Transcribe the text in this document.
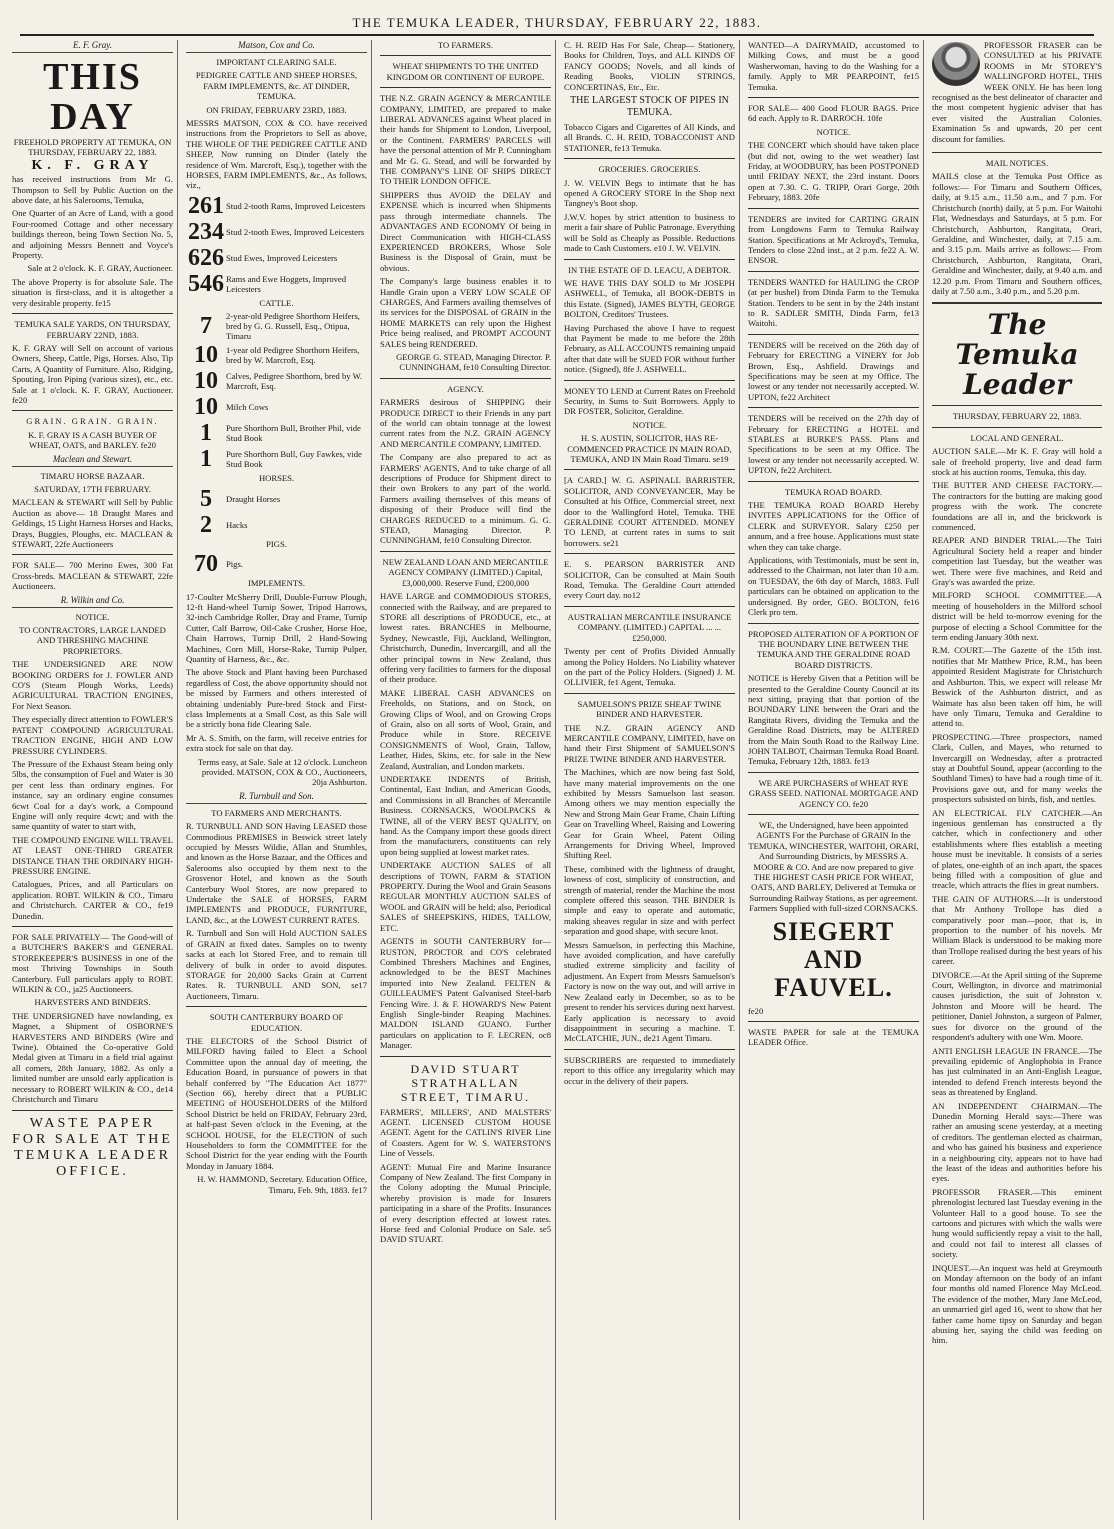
THE TEMUKA LEADER, THURSDAY, FEBRUARY 22, 1883.
E. F. Gray.
THIS DAY

FREEHOLD PROPERTY AT TEMUKA, ON THURSDAY, FEBRUARY 22, 1883.

K. F. GRAY

has received instructions from Mr G. Thompson to Sell by Public Auction on the above date, at his Salerooms, Temuka,

One Quarter of an Acre of Land, with a good Four-roomed Cottage and other necessary buildings thereon, being Town Section No. 5, and adjoining Messrs Bennett and Voyce's Property.

Sale at 2 o'clock. K. F. GRAY, Auctioneer.

The above Property is for absolute Sale. The situation is first-class, and it is altogether a very desirable property. fe15

TEMUKA SALE YARDS, ON THURSDAY, FEBRUARY 22ND, 1883.

K. F. GRAY will Sell on account of various Owners, Sheep, Cattle, Pigs, Horses. Also, Tip Carts, A Quantity of Furniture. Also, Ridging, Spouting, Iron Piping (various sizes), etc., etc. Sale at 1 o'clock. K. F. GRAY, Auctioneer. fe20

GRAIN. GRAIN. GRAIN.

K. F. GRAY IS A CASH BUYER OF WHEAT, OATS, and BARLEY. fe20

Maclean and Stewart.

TIMARU HORSE BAZAAR.

SATURDAY, 17TH FEBRUARY.

MACLEAN & STEWART will Sell by Public Auction as above— 18 Draught Mares and Geldings, 15 Light Harness Horses and Hacks, Drays, Buggies, Ploughs, etc. MACLEAN & STEWART, 22fe Auctioneers

FOR SALE— 700 Merino Ewes, 300 Fat Cross-breds. MACLEAN & STEWART, 22fe Auctioneers.

R. Wilkin and Co.

NOTICE.

TO CONTRACTORS, LARGE LANDED AND THRESHING MACHINE PROPRIETORS.

THE UNDERSIGNED ARE NOW BOOKING ORDERS for J. FOWLER AND CO'S (Steam Plough Works, Leeds) AGRICULTURAL TRACTION ENGINES, For Next Season.

They especially direct attention to FOWLER'S PATENT COMPOUND AGRICULTURAL TRACTION ENGINE, HIGH AND LOW PRESSURE CYLINDERS.

The Pressure of the Exhaust Steam being only 5lbs, the consumption of Fuel and Water is 30 per cent less than ordinary engines. For instance, say an ordinary engine consumes 6cwt Coal for a day's work, a Compound Engine will only require 4cwt; and with the same quantity of water to start with,

THE COMPOUND ENGINE WILL TRAVEL AT LEAST ONE-THIRD GREATER DISTANCE THAN THE ORDINARY HIGH-PRESSURE ENGINE.

Catalogues, Prices, and all Particulars on application. ROBT. WILKIN & CO., Timaru and Christchurch. CARTER & CO., fe19 Dunedin.

FOR SALE PRIVATELY— The Good-will of a BUTCHER'S BAKER'S and GENERAL STOREKEEPER'S BUSINESS in one of the most Thriving Townships in South Canterbury. Full particulars apply to ROBT. WILKIN & CO., ja25 Auctioneers.

HARVESTERS AND BINDERS.

THE UNDERSIGNED have nowlanding, ex Magnet, a Shipment of OSBORNE'S HARVESTERS AND BINDERS (Wire and Twine). Obtained the Co-operative Gold Medal given at Timaru in a field trial against all comers, 28th January, 1882. As only a limited number are unsold early application is necessary to ROBERT WILKIN & CO., de14 Christchurch and Timaru

WASTE PAPER FOR SALE AT THE TEMUKA LEADER OFFICE.

Matson, Cox and Co.

IMPORTANT CLEARING SALE.

PEDIGREE CATTLE AND SHEEP HORSES, FARM IMPLEMENTS, &c. AT DINDER, TEMUKA.

ON FRIDAY, FEBRUARY 23RD, 1883.

MESSRS MATSON, COX & CO. have received instructions from the Proprietors to Sell as above, THE WHOLE OF THE PEDIGREE CATTLE AND SHEEP, Now running on Dinder (lately the residence of Wm. Marcroft, Esq.), together with the HORSES, FARM IMPLEMENTS, &c., As follows, viz.,

261 Stud 2-tooth Rams, Improved Leicesters
234 Stud 2-tooth Ewes, Improved Leicesters
626 Stud Ewes, Improved Leicesters
546 Rams and Ewe Hoggets, Improved Leicesters

CATTLE.

7	2-year-old Pedigree Shorthorn Heifers, bred by G. G. Russell, Esq., Otipua, Timaru
10 1-year old Pedigree Shorthorn Heifers, bred by W. Marcroft, Esq.
10 Calves, Pedigree Shorthorn, bred by W. Marcroft, Esq.
10 Milch Cows
1	Pure Shorthorn Bull, Brother Phil, vide Stud Book
1	Pure Shorthorn Bull, Guy Fawkes, vide Stud Book

HORSES.

5	Draught Horses
2	Hacks

PIGS.

70 Pigs.

IMPLEMENTS.

17-Coulter McSherry Drill, Double-Furrow Plough, 12-ft Hand-wheel Turnip Sower, Tripod Harrows, 32-inch Cambridge Roller, Dray and Frame, Turnip Cutter, Calf Barrow, Oil-Cake Crusher, Horse Hoe, Chain Harrows, Turnip Drill, 2 Hand-Sowing Machines, Corn Mill, Horse-Rake, Turnip Pulper, Quantity of Harness, &c., &c.

The above Stock and Plant having been Purchased regardless of Cost, the above opportunity should not be missed by Farmers and others interested of obtaining undeniably Pure-bred Stock and First-class Implements at a Small Cost, as this Sale will be a strictly bona fide Clearing Sale.

Mr A. S. Smith, on the farm, will receive entries for extra stock for sale on that day.

Terms easy, at Sale. Sale at 12 o'clock. Luncheon provided. MATSON, COX & CO., Auctioneers, 20ja Ashburton.

R. Turnbull and Son.

TO FARMERS AND MERCHANTS.

R. TURNBULL AND SON Having LEASED those Commodious PREMISES in Beswick street lately occupied by Messrs Wildie, Allan and Stumbles, and known as the Horse Bazaar, and the Offices and Salerooms also occupied by them next to the Grosvenor Hotel, and known as the South Canterbury Wool Stores, are now prepared to Undertake the SALE of HORSES, FARM IMPLEMENTS and PRODUCE, FURNITURE, LAND, &c., at the LOWEST CURRENT RATES.

R. Turnbull and Son will Hold AUCTION SALES of GRAIN at fixed dates. Samples on to twenty sacks at each lot Stored Free, and to remain till delivery of bulk in order to avoid disputes. STORAGE for 20,000 Sacks Grain at Current Rates. R. TURNBULL AND SON, se17 Auctioneers, Timaru.

SOUTH CANTERBURY BOARD OF EDUCATION.

THE ELECTORS of the School District of MILFORD having failed to Elect a School Committee upon the annual day of meeting, the Education Board, in pursuance of powers in that behalf conferred by "The Education Act 1877" (Section 66), hereby direct that a PUBLIC MEETING of HOUSEHOLDERS of the Milford School District be held on FRIDAY, February 23rd, at half-past Seven o'clock in the Evening, at the SCHOOL HOUSE, for the ELECTION of such Householders to form the COMMITTEE for the School District for the year ending with the Fourth Monday in January 1884.

H. W. HAMMOND, Secretary. Education Office, Timaru, Feb. 9th, 1883. fe17

TO FARMERS.

WHEAT SHIPMENTS TO THE UNITED KINGDOM OR CONTINENT OF EUROPE.

THE N.Z. GRAIN AGENCY & MERCANTILE COMPANY, LIMITED, are prepared to make LIBERAL ADVANCES against Wheat placed in their hands for Shipment to London, Liverpool, or the Continent. FARMERS' PARCELS will have the personal attention of Mr P. Cunningham and Mr G. G. Stead, and will be forwarded by THE COMPANY'S LINE OF SHIPS DIRECT TO THEIR LONDON OFFICE.

SHIPPERS thus AVOID the DELAY and EXPENSE which is incurred when Shipments pass through intermediate channels. The ADVANTAGES AND ECONOMY Of being in Direct Communication with HIGH-CLASS EXPERIENCED BROKERS, Whose Sole Business is the Disposal of Grain, must be obvious.

The Company's large business enables it to Handle Grain upon a VERY LOW SCALE OF CHARGES, And Farmers availing themselves of its services for the DISPOSAL of GRAIN in the HOME MARKETS can rely upon the Highest Price being realised, and PROMPT ACCOUNT SALES being RENDERED.

GEORGE G. STEAD, Managing Director. P. CUNNINGHAM, fe10 Consulting Director.

AGENCY.

FARMERS desirous of SHIPPING their PRODUCE DIRECT to their Friends in any part of the world can obtain tonnage at the lowest current rates from the N.Z. GRAIN AGENCY AND MERCANTILE COMPANY, LIMITED.

The Company are also prepared to act as FARMERS' AGENTS, And to take charge of all descriptions of Produce for Shipment direct to their own Brokers to any part of the world. Farmers availing themselves of this means of disposing of their Produce will find the CHARGES REDUCED to a minimum. G. G. STEAD, Managing Director. P. CUNNINGHAM, fe10 Consulting Director.

NEW ZEALAND LOAN AND MERCANTILE AGENCY COMPANY (LIMITED.) Capital, £3,000,000. Reserve Fund, £200,000

HAVE LARGE and COMMODIOUS STORES, connected with the Railway, and are prepared to STORE all descriptions of PRODUCE, etc., at lowest rates. BRANCHES in Melbourne, Sydney, Newcastle, Fiji, Auckland, Wellington, Christchurch, Dunedin, Invercargill, and all the other principal towns in New Zealand, thus offering very facilities to farmers for the disposal of their produce.

MAKE LIBERAL CASH ADVANCES on Freeholds, on Stations, and on Stock, on Growing Clips of Wool, and on Growing Crops of Grain, also on all sorts of Wool, Grain, and Produce while in Store. RECEIVE CONSIGNMENTS of Wool, Grain, Tallow, Leather, Hides, Skins, etc. for sale in the New Zealand, Australian, and London markets.

UNDERTAKE INDENTS of British, Continental, East Indian, and American Goods, and Commissions in all Branches of Mercantile Business. CORNSACKS, WOOLPACKS & TWINE, all of the VERY BEST QUALITY, on hand. As the Company import these goods direct from the manufacturers, constituents can rely upon being supplied at lowest market rates.

UNDERTAKE AUCTION SALES of all descriptions of TOWN, FARM & STATION PROPERTY. During the Wool and Grain Seasons REGULAR MONTHLY AUCTION SALES of WOOL and GRAIN will be held; also, Periodical SALES of SHEEPSKINS, HIDES, TALLOW, ETC.

AGENTS in SOUTH CANTERBURY for— RUSTON, PROCTOR and CO'S celebrated Combined Threshers Machines and Engines, acknowledged to be the BEST Machines imported into New Zealand. FELTEN & GUILLEAUME'S Patent Galvanised Steel-barb Fencing Wire. J. & F. HOWARD'S New Patent English Single-binder Reaping Machines. MALDON ISLAND GUANO. Further particulars on application to F. LECREN, oc8 Manager.

DAVID STUART STRATHALLAN STREET, TIMARU.

FARMERS', MILLERS', AND MALSTERS' AGENT. LICENSED CUSTOM HOUSE AGENT. Agent for the CATLIN'S RIVER Line of Coasters. Agent for W. S. WATERSTON'S Line of Vessels.

AGENT: Mutual Fire and Marine Insurance Company of New Zealand. The first Company in the Colony adopting the Mutual Principle, whereby provision is made for Insurers participating in a share of the Profits. Insurances of every description effected at lowest rates. Horse feed and Colonial Produce on Sale. se5 DAVID STUART.

C. H. REID Has For Sale, Cheap— Stationery, Books for Children, Toys, and ALL KINDS OF FANCY GOODS; Novels, and all kinds of Reading Books, VIOLIN STRINGS, CONCERTINAS, Etc., Etc.

THE LARGEST STOCK OF PIPES IN TEMUKA.

Tobacco Cigars and Cigarettes of All Kinds, and all Brands. C. H. REID, TOBACCONIST AND STATIONER, fe13 Temuka.

GROCERIES. GROCERIES.

J. W. VELVIN Begs to intimate that he has opened A GROCERY STORE In the Shop next Tangney's Boot shop.

J.W.V. hopes by strict attention to business to merit a fair share of Public Patronage. Everything will be Sold as Cheaply as Possible. Reductions made to Cash Customers. e10 J. W. VELVIN.

IN THE ESTATE OF D. LEACU, A DEBTOR.

WE HAVE THIS DAY SOLD to Mr JOSEPH ASHWELL, of Temuka, all BOOK-DEBTS in this Estate. (Signed), JAMES BLYTH, GEORGE BOLTON, Creditors' Trustees.

Having Purchased the above I have to request that Payment be made to me before the 28th February, as ALL ACCOUNTS remaining unpaid after that date will be SUED FOR without further notice. (Signed), 8fe J. ASHWELL.

MONEY TO LEND at Current Rates on Freehold Security, in Sums to Suit Borrowers. Apply to DR FOSTER, Solicitor, Geraldine.

NOTICE.

H. S. AUSTIN, SOLICITOR, HAS RE-COMMENCED PRACTICE IN MAIN ROAD, TEMUKA, AND IN Main Road Timaru. se19

[A CARD.] W. G. ASPINALL BARRISTER, SOLICITOR, AND CONVEYANCER, May be Consulted at his Office, Commercial street, next door to the Wallingford Hotel, Temuka. THE GERALDINE COURT ATTENDED. MONEY TO LEND, at current rates in sums to suit borrowers. se21

E. S. PEARSON BARRISTER AND SOLICITOR, Can be consulted at Main South Road, Temuka. The Geraldine Court attended every Court day. no12

AUSTRALIAN MERCANTILE INSURANCE COMPANY. (LIMITED.) CAPITAL ... ... £250,000.

Twenty per cent of Profits Divided Annually among the Policy Holders. No Liability whatever on the part of the Policy Holders. (Signed) J. M. OLLIVIER, fe1 Agent, Temuka.

SAMUELSON'S PRIZE SHEAF TWINE BINDER AND HARVESTER.

THE N.Z. GRAIN AGENCY AND MERCANTILE COMPANY, LIMITED, have on hand their First Shipment of SAMUELSON'S PRIZE TWINE BINDER AND HARVESTER.

The Machines, which are now being fast Sold, have many material improvements on the one exhibited by Messrs Samuelson last season. Among others we may mention especially the New and Strong Main Gear Frame, Chain Lifting Gear on Travelling Wheel, Raising and Lowering Gear for Grain Wheel, Patent Oiling Arrangements for Driving Wheel, Improved Shifting Reel.

These, combined with the lightness of draught, lowness of cost, simplicity of construction, and strength of material, render the Machine the most complete offered this season. THE BINDER Is simple and easy to operate and automatic, making sheaves regular in size and with perfect separation and good shape, with secure knot.

Messrs Samuelson, in perfecting this Machine, have avoided complication, and have carefully studied extreme simplicity and facility of adjustment. An Expert from Messrs Samuelson's Factory is now on the way out, and will arrive in New Zealand early in December, so as to be present to render his services during next harvest. Early application is necessary to avoid disappointment in securing a machine. T. McCLATCHIE, JUN., de21 Agent Timaru.

SUBSCRIBERS are requested to immediately report to this office any irregularity which may occur in the delivery of their papers.

WANTED—A DAIRYMAID, accustomed to Milking Cows, and must be a good Washerwoman, having to do the Washing for a family. Apply to MR PEARPOINT, fe15 Temuka.

FOR SALE— 400 Good FLOUR BAGS. Price 6d each. Apply to R. DARROCH. 10fe

NOTICE.

THE CONCERT which should have taken place (but did not, owing to the wet weather) last Friday, at WOODBURY, has been POSTPONED until FRIDAY NEXT, the 23rd instant. Doors open at 7.30. C. G. TRIPP, Orari Gorge, 20th February, 1883. 20fe

TENDERS are invited for CARTING GRAIN from Longdowns Farm to Temuka Railway Station. Specifications at Mr Ackroyd's, Temuka, Tenders to close 22nd inst., at 2 p.m. fe22 A. W. ENSOR.

TENDERS WANTED for HAULING the CROP (at per bushel) from Dinda Farm to the Temuka Station. Tenders to be sent in by the 24th instant to R. SADLER SMITH, Dinda Farm, fe13 Waitohi.

TENDERS will be received on the 26th day of February for ERECTING a VINERY for Job Brown, Esq., Ashfield. Drawings and Specifications may be seen at my Office. The lowest or any tender not necessarily accepted. W. UPTON, fe22 Architect

TENDERS will be received on the 27th day of February for ERECTING a HOTEL and STABLES at BURKE'S PASS. Plans and Specifications to be seen at my Office. The lowest or any tender not necessarily accepted. W. UPTON, fe22 Architect.

TEMUKA ROAD BOARD.

THE TEMUKA ROAD BOARD Hereby INVITES APPLICATIONS for the Office of CLERK and SURVEYOR. Salary £250 per annum, and a free house. Applications must state when they can take charge.

Applications, with Testimonials, must be sent in, addressed to the Chairman, not later than 10 a.m. on TUESDAY, the 6th day of March, 1883. Full particulars can be obtained on application to the undersigned. By order, GEO. BOLTON, fe16 Clerk pro tem.

PROPOSED ALTERATION OF A PORTION OF THE BOUNDARY LINE BETWEEN THE TEMUKA AND THE GERALDINE ROAD BOARD DISTRICTS.

NOTICE is Hereby Given that a Petition will be presented to the Geraldine County Council at its next sitting, praying that that portion of the BOUNDARY LINE between the Orari and the Rangitata Rivers, dividing the Temuka and the Geraldine Road Districts, may be ALTERED from the Main South Road to the Railway Line. JOHN TALBOT, Chairman Temuka Road Board. Temuka, February 12th, 1883. fe13

WE ARE PURCHASERS of WHEAT RYE GRASS SEED. NATIONAL MORTGAGE AND AGENCY CO. fe20

WE, the Undersigned, have been appointed AGENTS For the Purchase of GRAIN In the TEMUKA, WINCHESTER, WAITOHI, ORARI, And Surrounding Districts, by MESSRS A. MOORE & CO. And are now prepared to give THE HIGHEST CASH PRICE FOR WHEAT, OATS, AND BARLEY, Delivered at Temuka or Surrounding Railway Stations, as per agreement. Farmers Supplied with full-sized CORNSACKS.

SIEGERT AND FAUVEL.

fe20

WASTE PAPER for sale at the TEMUKA LEADER Office.

PROFESSOR FRASER can be CONSULTED at his PRIVATE ROOMS in Mr STOREY'S WALLINGFORD HOTEL, THIS WEEK ONLY. He has been long recognised as the best delineator of character and the most competent hygienic adviser that has ever visited the Australian Colonies. Examination 5s and upwards, 20 per cent discount for families.

MAIL NOTICES.

MAILS close at the Temuka Post Office as follows:— For Timaru and Southern Offices, daily, at 9.15 a.m., 11.50 a.m., and 7 p.m. For Christchurch (north) daily, at 5 p.m. For Waitohi Flat, Wednesdays and Saturdays, at 5 p.m. For Christchurch, Ashburton, Rangitata, Orari, Geraldine, and Winchester, daily, at 7.15 a.m. and 3.15 p.m. Mails arrive as follows:— From Christchurch, Ashburton, Rangitata, Orari, Geraldine and Winchester, daily, at 9.40 a.m. and 12.20 p.m. From Timaru and Southern offices, daily at 7.50 a.m., 3.40 p.m., and 5.20 p.m.

The Temuka Leader

THURSDAY, FEBRUARY 22, 1883.

LOCAL AND GENERAL.

AUCTION SALE.—Mr K. F. Gray will hold a sale of freehold property, live and dead farm stock at his auction rooms, Temuka, this day.

THE BUTTER AND CHEESE FACTORY.—The contractors for the butting are making good progress with the work. The concrete foundations are all in, and the brickwork is commenced.

REAPER AND BINDER TRIAL.—The Tairi Agricultural Society held a reaper and binder competition last Tuesday, but the weather was wet. There were five machines, and Reid and Gray's was awarded the prize.

MILFORD SCHOOL COMMITTEE.—A meeting of householders in the Milford school district will be held to-morrow evening for the purpose of electing a School Committee for the term ending January 30th next.

R.M. COURT.—The Gazette of the 15th inst. notifies that Mr Matthew Price, R.M., has been appointed Resident Magistrate for Christchurch and Ashburton. This, we expect will release Mr Beswick of the Ashburton district, and as Waimate has also been taken off him, he will have only Timaru, Temuka and Geraldine to attend to.

PROSPECTING.—Three prospectors, named Clark, Cullen, and Mayes, who returned to Invercargill on Wednesday, after a protracted stay at Doubtful Sound, appear (according to the Southland Times) to have had a rough time of it. Provisions gave out, and for many weeks the prospectors subsisted on birds, fish, and nettles.

AN ELECTRICAL FLY CATCHER.—An ingenious gentleman has constructed a fly catcher, which in confectionery and other establishments where flies establish a meeting house must be inevitable. It consists of a series of plates, one-eighth of an inch apart, the spaces being filled with a composition of glue and treacle, which attracts the flies in great numbers.

THE GAIN OF AUTHORS.—It is understood that Mr Anthony Trollope has died a comparatively poor man—poor, that is, in proportion to the number of his novels. Mr William Black is understood to be making more than Trollope realised during the best years of his career.

DIVORCE.—At the April sitting of the Supreme Court, Wellington, in divorce and matrimonial causes jurisdiction, the suit of Johnston v. Johnston and Moore will be heard. The petitioner, Daniel Johnston, a surgeon of Palmer, sues for divorce on the ground of the respondent's adultery with one Wm. Moore.

ANTI ENGLISH LEAGUE IN FRANCE.—The prevailing epidemic of Anglophobia in France has just culminated in an Anti-English League, intended to defend French interests beyond the seas as threatened by England.

AN INDEPENDENT CHAIRMAN.—The Dunedin Morning Herald says:—There was rather an amusing scene yesterday, at a meeting of creditors. The gentleman elected as chairman, and who has gained his business and experience in a neighbouring city, appears not to have had the least of the ideas and authorities before his eyes.

PROFESSOR FRASER.—This eminent phrenologist lectured last Tuesday evening in the Volunteer Hall to a good house. To see the cartoons and pictures with which the walls were hung would sufficiently repay a visit to the hall, and could not fail to interest all classes of society.

INQUEST.—An inquest was held at Greymouth on Monday afternoon on the body of an infant four months old named Florence May McLeod. The evidence of the mother, Mary Jane McLeod, an unmarried girl aged 16, went to show that her father came home tipsy on Saturday and began abusing her, saying the child was feeding on him.
